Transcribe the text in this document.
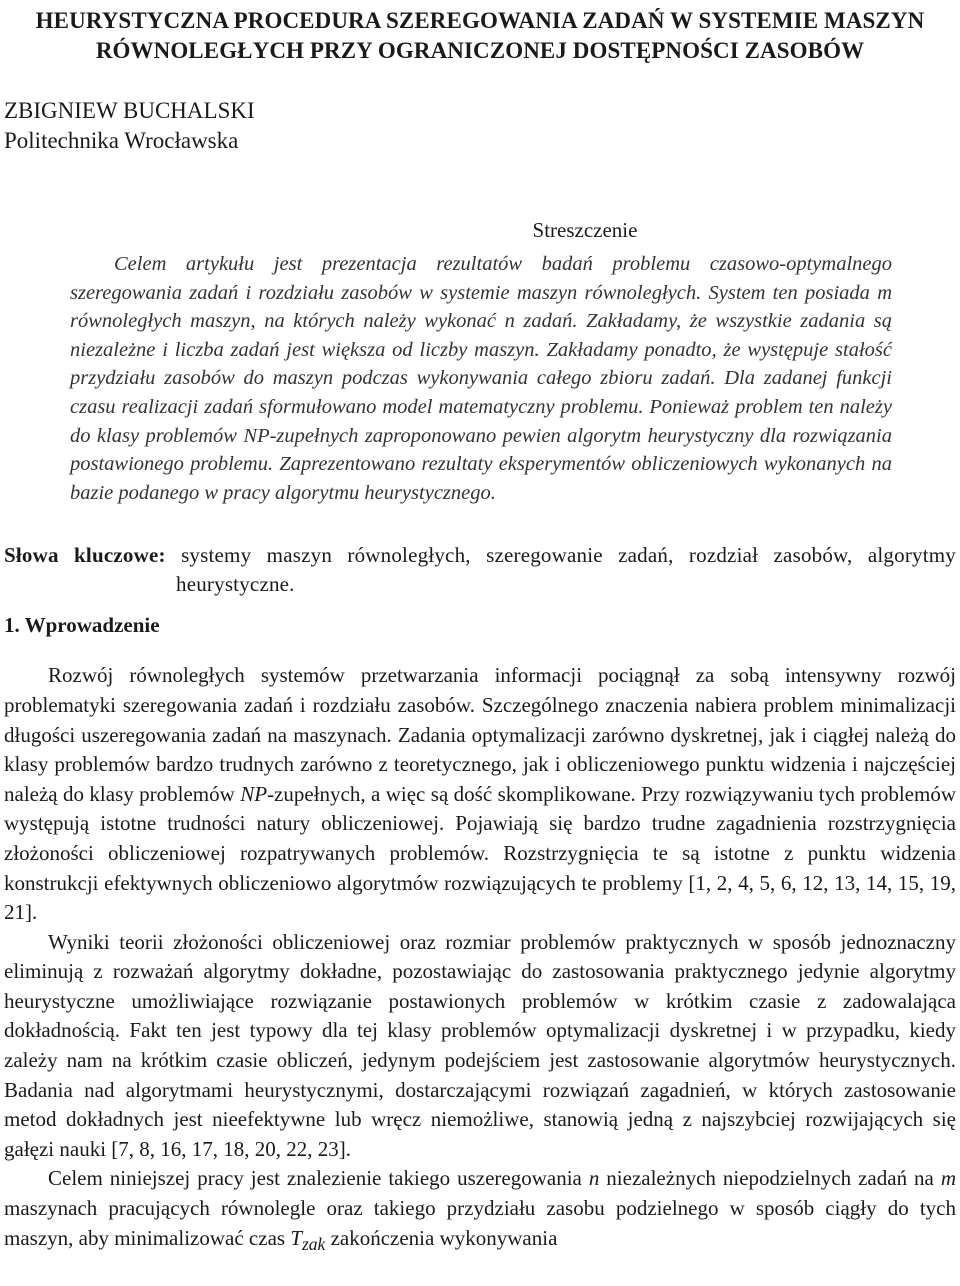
HEURYSTYCZNA PROCEDURA SZEREGOWANIA ZADAŃ W SYSTEMIE MASZYN
RÓWNOLEGŁYCH PRZY OGRANICZONEJ DOSTĘPNOŚCI ZASOBÓW
ZBIGNIEW BUCHALSKI
Politechnika Wrocławska
Streszczenie

Celem artykułu jest prezentacja rezultatów badań problemu czasowo-optymalnego szeregowania zadań i rozdziału zasobów w systemie maszyn równoległych. System ten posiada m równoległych maszyn, na których należy wykonać n zadań. Zakładamy, że wszystkie zadania są niezależne i liczba zadań jest większa od liczby maszyn. Zakładamy ponadto, że występuje stałość przydziału zasobów do maszyn podczas wykonywania całego zbioru zadań. Dla zadanej funkcji czasu realizacji zadań sformułowano model matematyczny problemu. Ponieważ problem ten należy do klasy problemów NP-zupełnych zaproponowano pewien algorytm heurystyczny dla rozwiązania postawionego problemu. Zaprezentowano rezultaty eksperymentów obliczeniowych wykonanych na bazie podanego w pracy algorytmu heurystycznego.

Słowa kluczowe: systemy maszyn równoległych, szeregowanie zadań, rozdział zasobów, algorytmy heurystyczne.
1. Wprowadzenie

Rozwój równoległych systemów przetwarzania informacji pociągnął za sobą intensywny rozwój problematyki szeregowania zadań i rozdziału zasobów. Szczególnego znaczenia nabiera problem minimalizacji długości uszeregowania zadań na maszynach. Zadania optymalizacji zarówno dyskretnej, jak i ciągłej należą do klasy problemów bardzo trudnych zarówno z teoretycznego, jak i obliczeniowego punktu widzenia i najczęściej należą do klasy problemów NP-zupełnych, a więc są dość skomplikowane. Przy rozwiązywaniu tych problemów występują istotne trudności natury obliczeniowej. Pojawiają się bardzo trudne zagadnienia rozstrzygnięcia złożoności obliczeniowej rozpatrywanych problemów. Rozstrzygnięcia te są istotne z punktu widzenia konstrukcji efektywnych obliczeniowo algorytmów rozwiązujących te problemy [1, 2, 4, 5, 6, 12, 13, 14, 15, 19, 21].

Wyniki teorii złożoności obliczeniowej oraz rozmiar problemów praktycznych w sposób jednoznaczny eliminują z rozważań algorytmy dokładne, pozostawiając do zastosowania praktycznego jedynie algorytmy heurystyczne umożliwiające rozwiązanie postawionych problemów w krótkim czasie z zadowalająca dokładnością. Fakt ten jest typowy dla tej klasy problemów optymalizacji dyskretnej i w przypadku, kiedy zależy nam na krótkim czasie obliczeń, jedynym podejściem jest zastosowanie algorytmów heurystycznych. Badania nad algorytmami heurystycznymi, dostarczającymi rozwiązań zagadnień, w których zastosowanie metod dokładnych jest nieefektywne lub wręcz niemożliwe, stanowią jedną z najszybciej rozwijających się gałęzi nauki [7, 8, 16, 17, 18, 20, 22, 23].

Celem niniejszej pracy jest znalezienie takiego uszeregowania n niezależnych niepodzielnych zadań na m maszynach pracujących równolegle oraz takiego przydziału zasobu podzielnego w sposób ciągły do tych maszyn, aby minimalizować czas $T_{zak}$ zakończenia wykonywania
